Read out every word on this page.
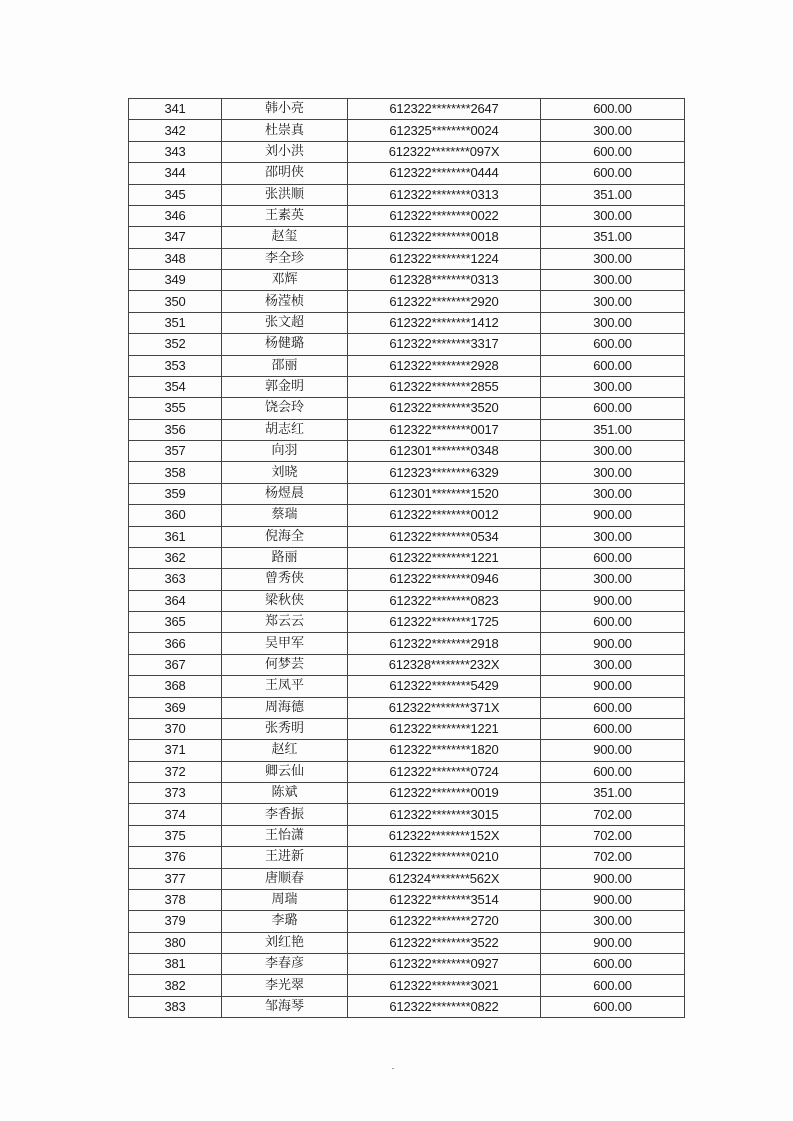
341	韩小亮	612322********2647	600.00
342	杜崇真	612325********0024	300.00
343	刘小洪	612322********097X	600.00
344	邵明侠	612322********0444	600.00
345	张洪顺	612322********0313	351.00
346	王素英	612322********0022	300.00
347	赵玺	612322********0018	351.00
348	李全珍	612322********1224	300.00
349	邓辉	612328********0313	300.00
350	杨滢桢	612322********2920	300.00
351	张文超	612322********1412	300.00
352	杨健璐	612322********3317	600.00
353	邵丽	612322********2928	600.00
354	郭金明	612322********2855	300.00
355	饶会玲	612322********3520	600.00
356	胡志红	612322********0017	351.00
357	向羽	612301********0348	300.00
358	刘晓	612323********6329	300.00
359	杨煜晨	612301********1520	300.00
360	蔡瑞	612322********0012	900.00
361	倪海全	612322********0534	300.00
362	路丽	612322********1221	600.00
363	曾秀侠	612322********0946	300.00
364	梁秋侠	612322********0823	900.00
365	郑云云	612322********1725	600.00
366	吴甲军	612322********2918	900.00
367	何梦芸	612328********232X	300.00
368	王凤平	612322********5429	900.00
369	周海德	612322********371X	600.00
370	张秀明	612322********1221	600.00
371	赵红	612322********1820	900.00
372	卿云仙	612322********0724	600.00
373	陈斌	612322********0019	351.00
374	李香振	612322********3015	702.00
375	王怡潇	612322********152X	702.00
376	王进新	612322********0210	702.00
377	唐顺春	612324********562X	900.00
378	周瑞	612322********3514	900.00
379	李璐	612322********2720	300.00
380	刘红艳	612322********3522	900.00
381	李春彦	612322********0927	600.00
382	李光翠	612322********3021	600.00
383	邹海琴	612322********0822	600.00
